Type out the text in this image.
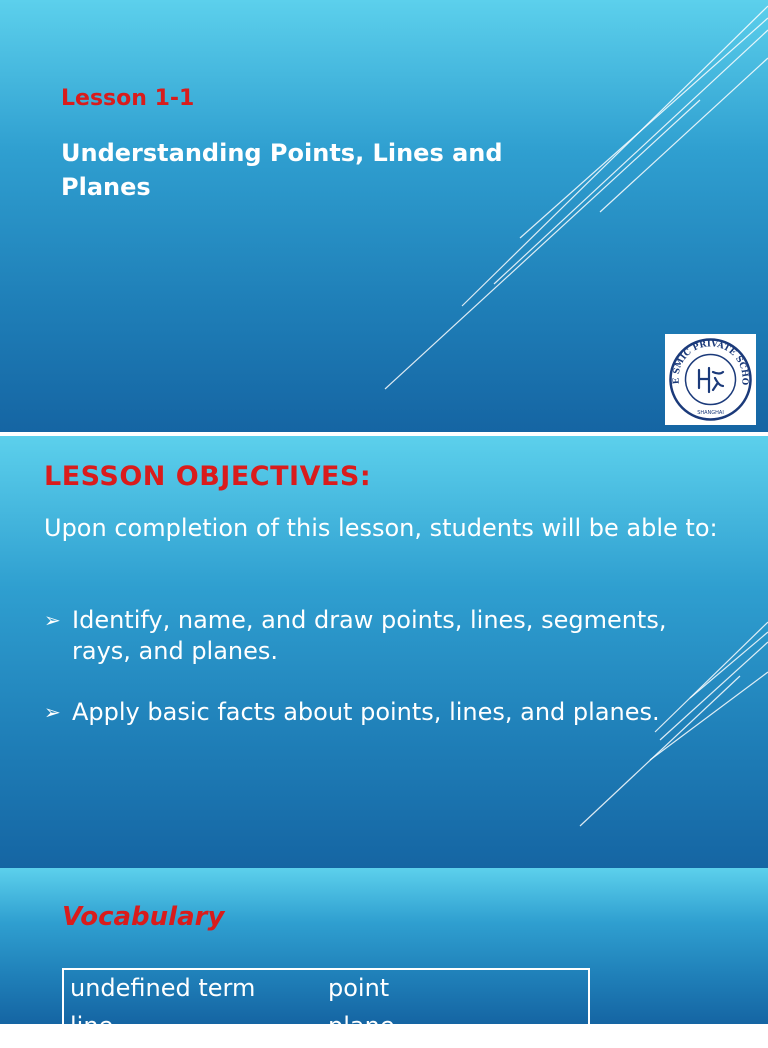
Lesson 1-1
Understanding Points, Lines and Planes
E SMIC PRIVATE SCHO
SHANGHAI
LESSON OBJECTIVES:
Upon completion of this lesson, students will be able to:
➢ Identify, name, and draw points, lines, segments, rays, and planes.
➢ Apply basic facts about points, lines, and planes.
Vocabulary
undefined term	point
line	plane
